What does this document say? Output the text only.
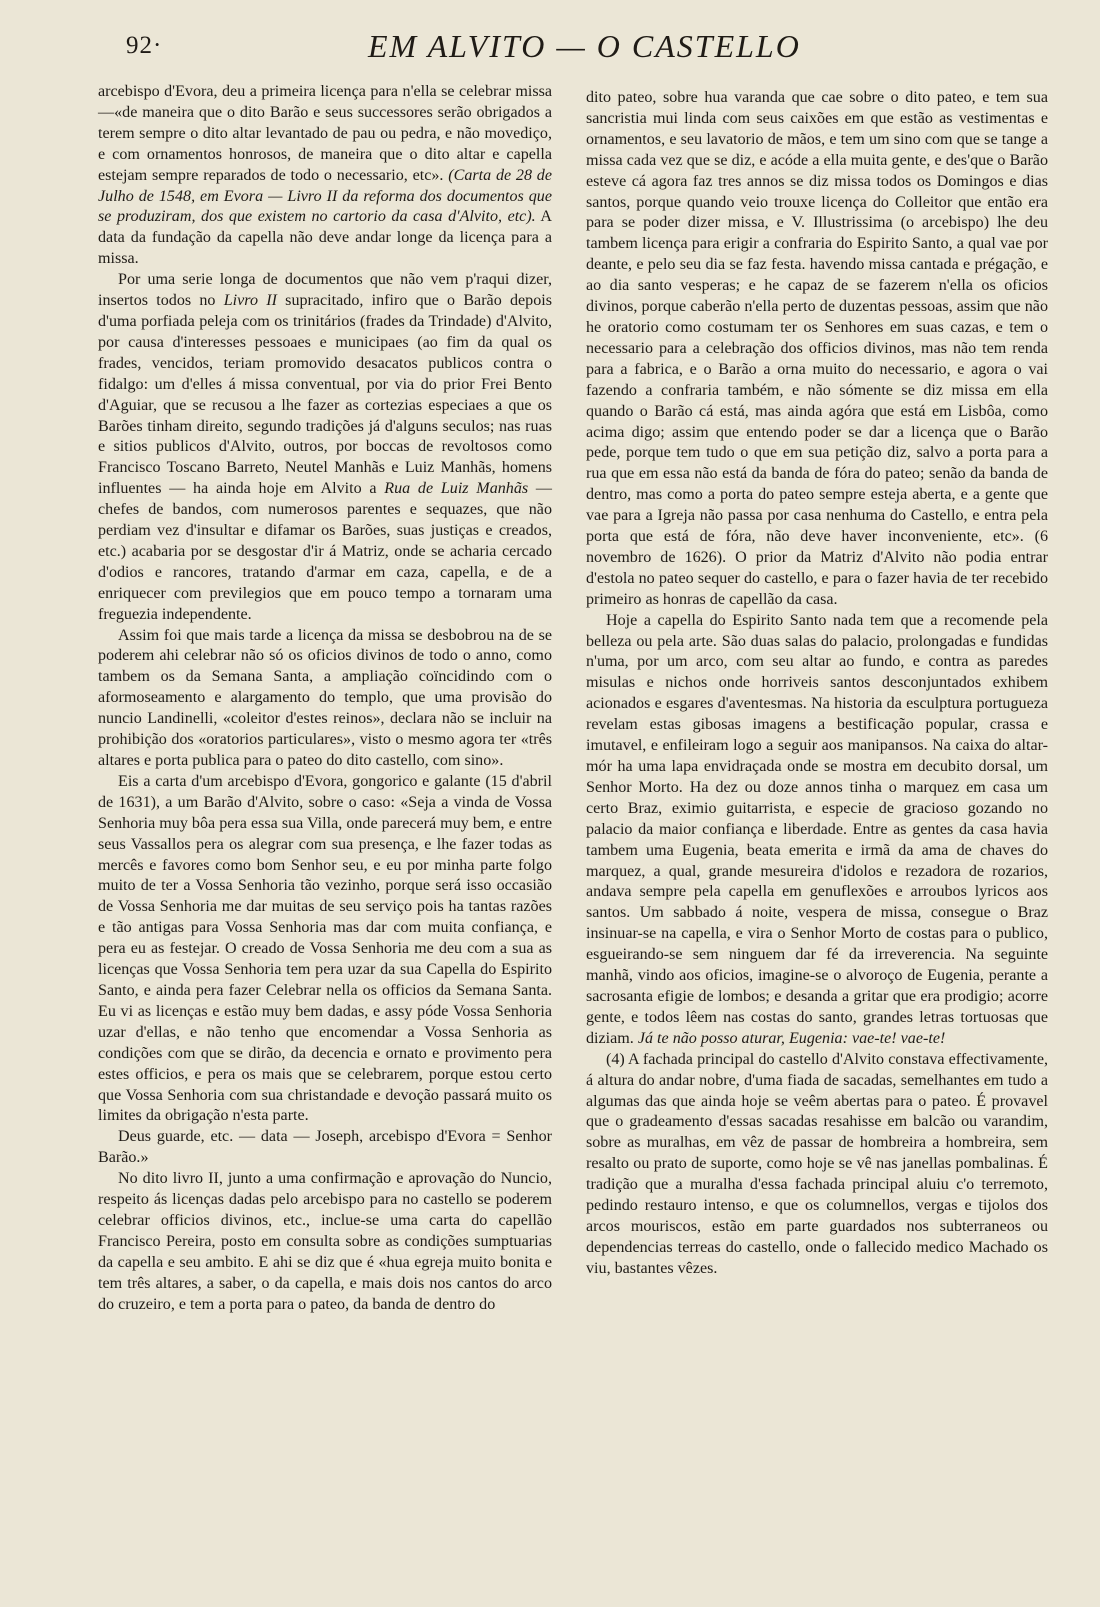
92·	EM ALVITO — O CASTELLO

arcebispo d'Evora, deu a primeira licença para n'ella se celebrar missa—«de maneira que o dito Barão e seus successores serão obrigados a terem sempre o dito altar levantado de pau ou pedra, e não movediço, e com ornamentos honrosos, de maneira que o dito altar e capella estejam sempre reparados de todo o necessario, etc». (Carta de 28 de Julho de 1548, em Evora — Livro II da reforma dos documentos que se produziram, dos que existem no cartorio da casa d'Alvito, etc). A data da fundação da capella não deve andar longe da licença para a missa.

Por uma serie longa de documentos que não vem p'raqui dizer, insertos todos no Livro II supracitado, infiro que o Barão depois d'uma porfiada peleja com os trinitários (frades da Trindade) d'Alvito, por causa d'interesses pessoaes e municipaes (ao fim da qual os frades, vencidos, teriam promovido desacatos publicos contra o fidalgo: um d'elles á missa conventual, por via do prior Frei Bento d'Aguiar, que se recusou a lhe fazer as cortezias especiaes a que os Barões tinham direito, segundo tradições já d'alguns seculos; nas ruas e sitios publicos d'Alvito, outros, por boccas de revoltosos como Francisco Toscano Barreto, Neutel Manhãs e Luiz Manhãs, homens influentes — ha ainda hoje em Alvito a Rua de Luiz Manhãs — chefes de bandos, com numerosos parentes e sequazes, que não perdiam vez d'insultar e difamar os Barões, suas justiças e creados, etc.) acabaria por se desgostar d'ir á Matriz, onde se acharia cercado d'odios e rancores, tratando d'armar em caza, capella, e de a enriquecer com previlegios que em pouco tempo a tornaram uma freguezia independente.

Assim foi que mais tarde a licença da missa se desbobrou na de se poderem ahi celebrar não só os oficios divinos de todo o anno, como tambem os da Semana Santa, a ampliação coïncidindo com o aformoseamento e alargamento do templo, que uma provisão do nuncio Landinelli, «coleitor d'estes reinos», declara não se incluir na prohibição dos «oratorios particulares», visto o mesmo agora ter «três altares e porta publica para o pateo do dito castello, com sino».

Eis a carta d'um arcebispo d'Evora, gongorico e galante (15 d'abril de 1631), a um Barão d'Alvito, sobre o caso: «Seja a vinda de Vossa Senhoria muy bôa pera essa sua Villa, onde parecerá muy bem, e entre seus Vassallos pera os alegrar com sua presença, e lhe fazer todas as mercês e favores como bom Senhor seu, e eu por minha parte folgo muito de ter a Vossa Senhoria tão vezinho, porque será isso occasião de Vossa Senhoria me dar muitas de seu serviço pois ha tantas razões e tão antigas para Vossa Senhoria mas dar com muita confiança, e pera eu as festejar. O creado de Vossa Senhoria me deu com a sua as licenças que Vossa Senhoria tem pera uzar da sua Capella do Espirito Santo, e ainda pera fazer Celebrar nella os officios da Semana Santa. Eu vi as licenças e estão muy bem dadas, e assy póde Vossa Senhoria uzar d'ellas, e não tenho que encomendar a Vossa Senhoria as condições com que se dirão, da decencia e ornato e provimento pera estes officios, e pera os mais que se celebrarem, porque estou certo que Vossa Senhoria com sua christandade e devoção passará muito os limites da obrigação n'esta parte.

Deus guarde, etc. — data — Joseph, arcebispo d'Evora = Senhor Barão.»

No dito livro II, junto a uma confirmação e aprovação do Nuncio, respeito ás licenças dadas pelo arcebispo para no castello se poderem celebrar officios divinos, etc., inclue-se uma carta do capellão Francisco Pereira, posto em consulta sobre as condições sumptuarias da capella e seu ambito. E ahi se diz que é «hua egreja muito bonita e tem três altares, a saber, o da capella, e mais dois nos cantos do arco do cruzeiro, e tem a porta para o pateo, da banda de dentro do

dito pateo, sobre hua varanda que cae sobre o dito pateo, e tem sua sancristia mui linda com seus caixões em que estão as vestimentas e ornamentos, e seu lavatorio de mãos, e tem um sino com que se tange a missa cada vez que se diz, e acóde a ella muita gente, e des'que o Barão esteve cá agora faz tres annos se diz missa todos os Domingos e dias santos, porque quando veio trouxe licença do Colleitor que então era para se poder dizer missa, e V. Illustrissima (o arcebispo) lhe deu tambem licença para erigir a confraria do Espirito Santo, a qual vae por deante, e pelo seu dia se faz festa. havendo missa cantada e prégação, e ao dia santo vesperas; e he capaz de se fazerem n'ella os oficios divinos, porque caberão n'ella perto de duzentas pessoas, assim que não he oratorio como costumam ter os Senhores em suas cazas, e tem o necessario para a celebração dos officios divinos, mas não tem renda para a fabrica, e o Barão a orna muito do necessario, e agora o vai fazendo a confraria também, e não sómente se diz missa em ella quando o Barão cá está, mas ainda agóra que está em Lisbôa, como acima digo; assim que entendo poder se dar a licença que o Barão pede, porque tem tudo o que em sua petição diz, salvo a porta para a rua que em essa não está da banda de fóra do pateo; senão da banda de dentro, mas como a porta do pateo sempre esteja aberta, e a gente que vae para a Igreja não passa por casa nenhuma do Castello, e entra pela porta que está de fóra, não deve haver inconveniente, etc». (6 novembro de 1626). O prior da Matriz d'Alvito não podia entrar d'estola no pateo sequer do castello, e para o fazer havia de ter recebido primeiro as honras de capellão da casa.

Hoje a capella do Espirito Santo nada tem que a recomende pela belleza ou pela arte. São duas salas do palacio, prolongadas e fundidas n'uma, por um arco, com seu altar ao fundo, e contra as paredes misulas e nichos onde horriveis santos desconjuntados exhibem acionados e esgares d'aventesmas. Na historia da esculptura portugueza revelam estas gibosas imagens a bestificação popular, crassa e imutavel, e enfileiram logo a seguir aos manipansos. Na caixa do altar-mór ha uma lapa envidraçada onde se mostra em decubito dorsal, um Senhor Morto. Ha dez ou doze annos tinha o marquez em casa um certo Braz, eximio guitarrista, e especie de gracioso gozando no palacio da maior confiança e liberdade. Entre as gentes da casa havia tambem uma Eugenia, beata emerita e irmã da ama de chaves do marquez, a qual, grande mesureira d'idolos e rezadora de rozarios, andava sempre pela capella em genuflexões e arroubos lyricos aos santos. Um sabbado á noite, vespera de missa, consegue o Braz insinuar-se na capella, e vira o Senhor Morto de costas para o publico, esgueirando-se sem ninguem dar fé da irreverencia. Na seguinte manhã, vindo aos oficios, imagine-se o alvoroço de Eugenia, perante a sacrosanta efigie de lombos; e desanda a gritar que era prodigio; acorre gente, e todos lêem nas costas do santo, grandes letras tortuosas que diziam. Já te não posso aturar, Eugenia: vae-te! vae-te!

(4) A fachada principal do castello d'Alvito constava effectivamente, á altura do andar nobre, d'uma fiada de sacadas, semelhantes em tudo a algumas das que ainda hoje se veêm abertas para o pateo. É provavel que o gradeamento d'essas sacadas resahisse em balcão ou varandim, sobre as muralhas, em vêz de passar de hombreira a hombreira, sem resalto ou prato de suporte, como hoje se vê nas janellas pombalinas. É tradição que a muralha d'essa fachada principal aluiu c'o terremoto, pedindo restauro intenso, e que os columnellos, vergas e tijolos dos arcos mouriscos, estão em parte guardados nos subterraneos ou dependencias terreas do castello, onde o fallecido medico Machado os viu, bastantes vêzes.
